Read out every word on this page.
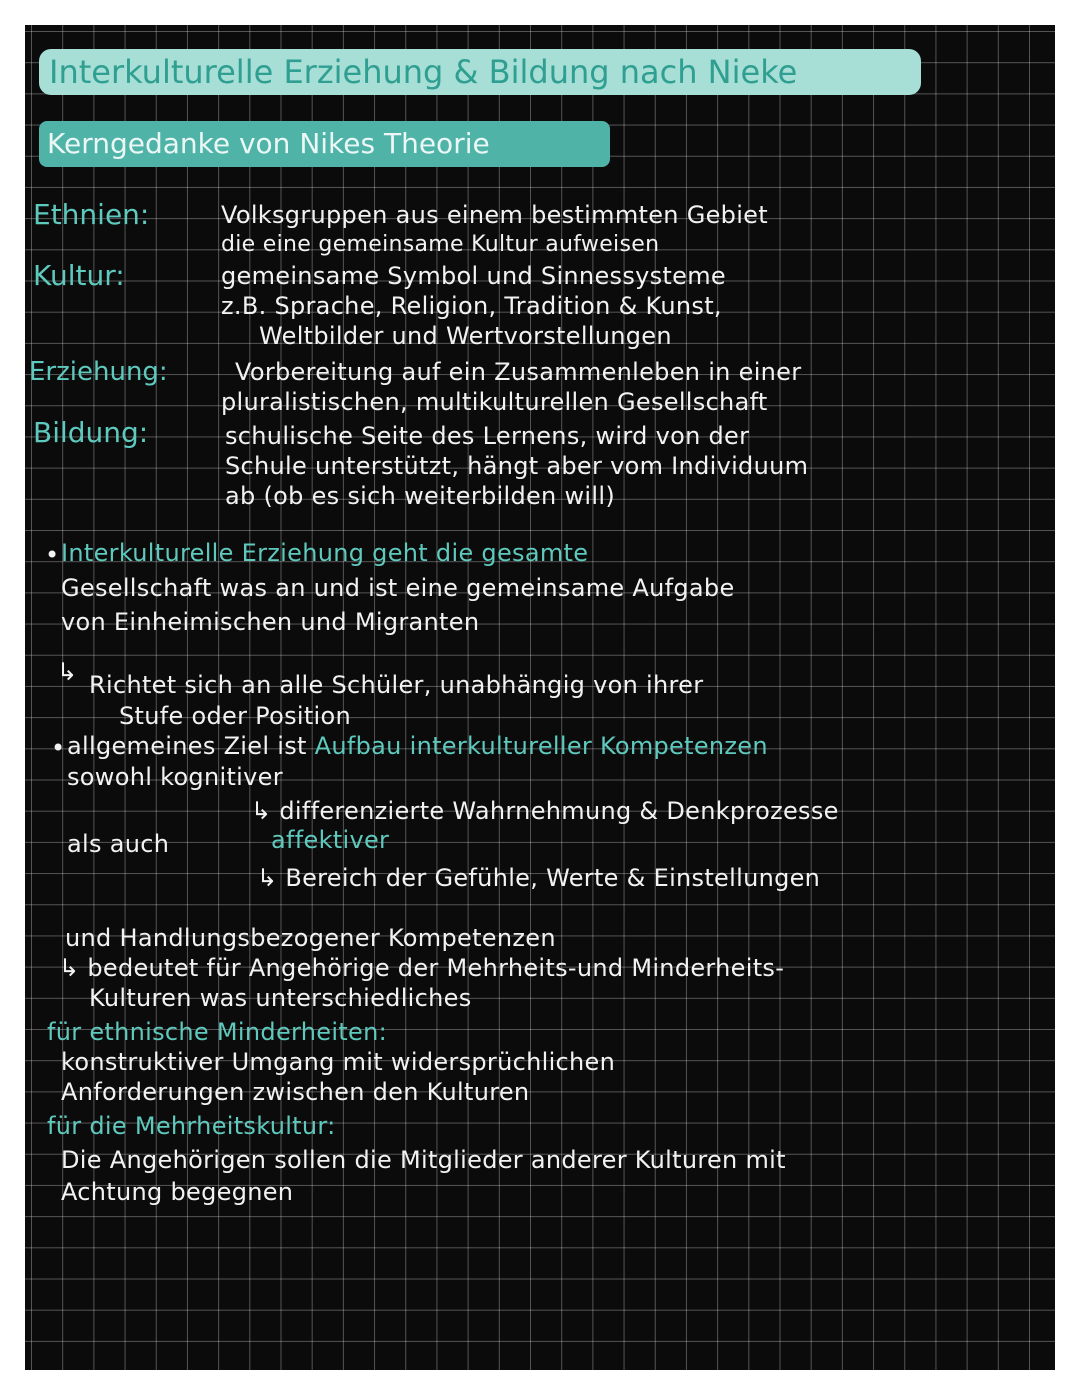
Interkulturelle Erziehung & Bildung nach Nieke
Kerngedanke von Nikes Theorie
Ethnien:	Volksgruppen aus einem bestimmten Gebiet
die eine gemeinsame Kultur aufweisen
Kultur:	gemeinsame Symbol und Sinnessysteme
z.B. Sprache, Religion, Tradition & Kunst,
Weltbilder und Wertvorstellungen
Erziehung:	Vorbereitung auf ein Zusammenleben in einer
pluralistischen, multikulturellen Gesellschaft
Bildung:	schulische Seite des Lernens, wird von der
Schule unterstützt, hängt aber vom Individuum
ab (ob es sich weiterbilden will)
• Interkulturelle Erziehung geht die gesamte
Gesellschaft was an und ist eine gemeinsame Aufgabe
von Einheimischen und Migranten
↳ Richtet sich an alle Schüler, unabhängig von ihrer
Stufe oder Position
• allgemeines Ziel ist Aufbau interkultureller Kompetenzen
sowohl kognitiver
↳ differenzierte Wahrnehmung & Denkprozesse
als auch	affektiver
↳ Bereich der Gefühle, Werte & Einstellungen
und Handlungsbezogener Kompetenzen
↳ bedeutet für Angehörige der Mehrheits-und Minderheits-
Kulturen was unterschiedliches
für ethnische Minderheiten:
konstruktiver Umgang mit widersprüchlichen
Anforderungen zwischen den Kulturen
für die Mehrheitskultur:
Die Angehörigen sollen die Mitglieder anderer Kulturen mit
Achtung begegnen
